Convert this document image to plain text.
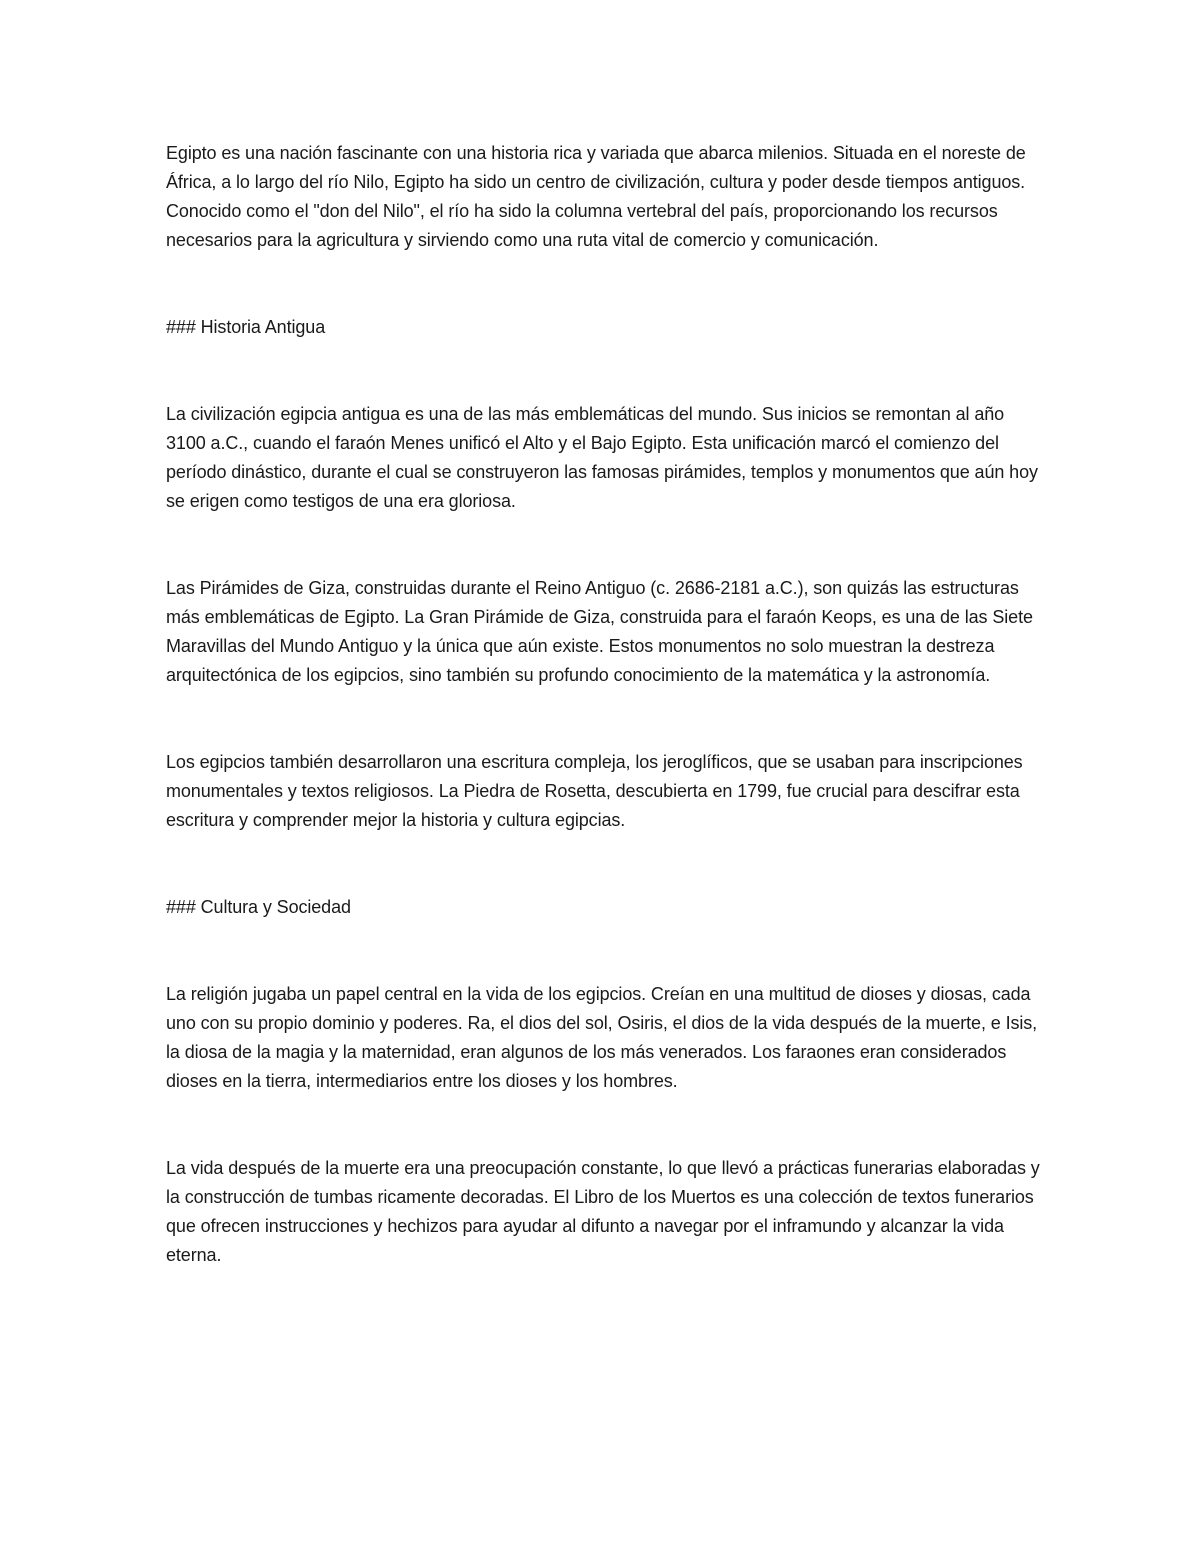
Egipto es una nación fascinante con una historia rica y variada que abarca milenios. Situada en el noreste de África, a lo largo del río Nilo, Egipto ha sido un centro de civilización, cultura y poder desde tiempos antiguos. Conocido como el "don del Nilo", el río ha sido la columna vertebral del país, proporcionando los recursos necesarios para la agricultura y sirviendo como una ruta vital de comercio y comunicación.

### Historia Antigua

La civilización egipcia antigua es una de las más emblemáticas del mundo. Sus inicios se remontan al año 3100 a.C., cuando el faraón Menes unificó el Alto y el Bajo Egipto. Esta unificación marcó el comienzo del período dinástico, durante el cual se construyeron las famosas pirámides, templos y monumentos que aún hoy se erigen como testigos de una era gloriosa.

Las Pirámides de Giza, construidas durante el Reino Antiguo (c. 2686-2181 a.C.), son quizás las estructuras más emblemáticas de Egipto. La Gran Pirámide de Giza, construida para el faraón Keops, es una de las Siete Maravillas del Mundo Antiguo y la única que aún existe. Estos monumentos no solo muestran la destreza arquitectónica de los egipcios, sino también su profundo conocimiento de la matemática y la astronomía.

Los egipcios también desarrollaron una escritura compleja, los jeroglíficos, que se usaban para inscripciones monumentales y textos religiosos. La Piedra de Rosetta, descubierta en 1799, fue crucial para descifrar esta escritura y comprender mejor la historia y cultura egipcias.

### Cultura y Sociedad

La religión jugaba un papel central en la vida de los egipcios. Creían en una multitud de dioses y diosas, cada uno con su propio dominio y poderes. Ra, el dios del sol, Osiris, el dios de la vida después de la muerte, e Isis, la diosa de la magia y la maternidad, eran algunos de los más venerados. Los faraones eran considerados dioses en la tierra, intermediarios entre los dioses y los hombres.

La vida después de la muerte era una preocupación constante, lo que llevó a prácticas funerarias elaboradas y la construcción de tumbas ricamente decoradas. El Libro de los Muertos es una colección de textos funerarios que ofrecen instrucciones y hechizos para ayudar al difunto a navegar por el inframundo y alcanzar la vida eterna.
